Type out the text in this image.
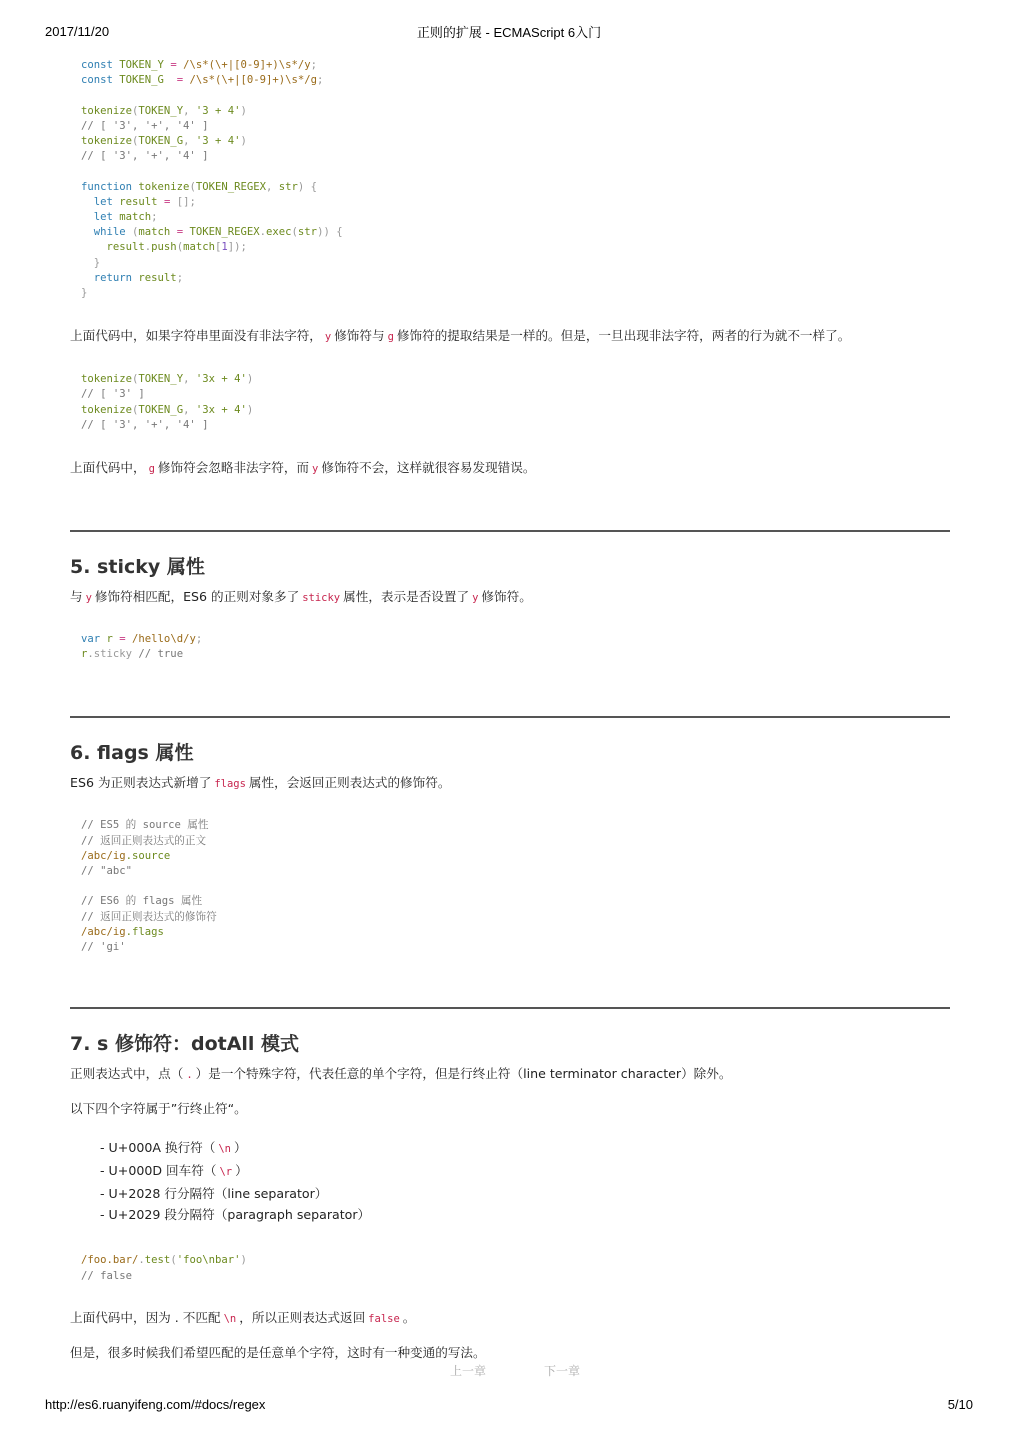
2017/11/20	正则的扩展 - ECMAScript 6入门
const TOKEN_Y = /\s*(\+|[0-9]+)\s*/y;
const TOKEN_G  = /\s*(\+|[0-9]+)\s*/g;

tokenize(TOKEN_Y, '3 + 4')
// [ '3', '+', '4' ]
tokenize(TOKEN_G, '3 + 4')
// [ '3', '+', '4' ]

function tokenize(TOKEN_REGEX, str) {
let result = [];
let match;
while (match = TOKEN_REGEX.exec(str)) {
result.push(match[1]);
}
return result;
}

上面代码中，如果字符串里面没有非法字符， y 修饰符与 g 修饰符的提取结果是一样的。但是，一旦出现非法字符，两者的行为就不一样了。

tokenize(TOKEN_Y, '3x + 4')
// [ '3' ]
tokenize(TOKEN_G, '3x + 4')
// [ '3', '+', '4' ]

上面代码中， g 修饰符会忽略非法字符，而 y 修饰符不会，这样就很容易发现错误。

5. sticky 属性

与 y 修饰符相匹配，ES6 的正则对象多了 sticky 属性，表示是否设置了 y 修饰符。

var r = /hello\d/y;
r.sticky // true
6. flags 属性

ES6 为正则表达式新增了 flags 属性，会返回正则表达式的修饰符。

// ES5 的 source 属性
// 返回正则表达式的正文
/abc/ig.source
// "abc"

// ES6 的 flags 属性
// 返回正则表达式的修饰符
/abc/ig.flags
// 'gi'
7. s 修饰符：dotAll 模式

正则表达式中，点（ . ）是一个特殊字符，代表任意的单个字符，但是行终止符（line terminator character）除外。

以下四个字符属于”行终止符“。

- U+000A 换行符（ \n ）
- U+000D 回车符（ \r ）
- U+2028 行分隔符（line separator）
- U+2029 段分隔符（paragraph separator）
/foo.bar/.test('foo\nbar')
// false

上面代码中，因为 . 不匹配 \n ，所以正则表达式返回 false 。

但是，很多时候我们希望匹配的是任意单个字符，这时有一种变通的写法。

上一章	下一章
http://es6.ruanyifeng.com/#docs/regex	5/10
